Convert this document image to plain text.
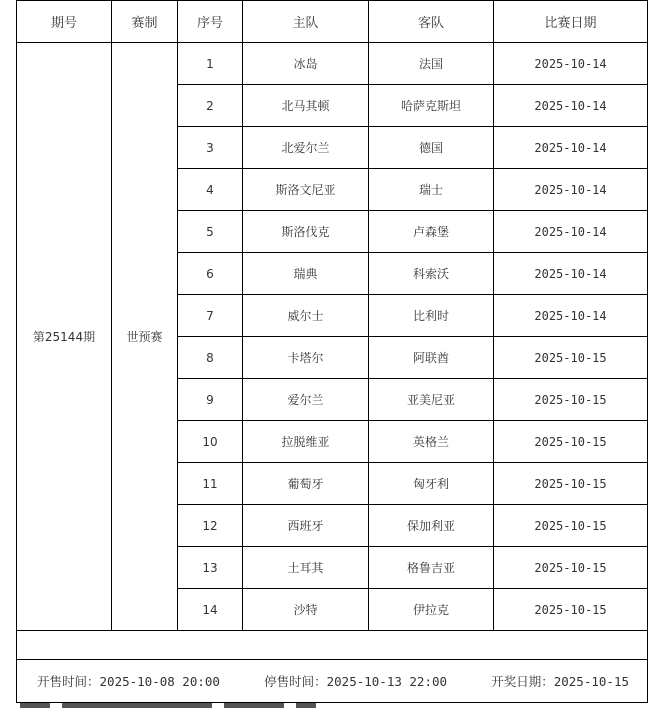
期号	赛制	序号	主队	客队	比赛日期
第25144期	世预赛	1	冰岛	法国	2025-10-14
		2	北马其顿	哈萨克斯坦	2025-10-14
		3	北爱尔兰	德国	2025-10-14
		4	斯洛文尼亚	瑞士	2025-10-14
		5	斯洛伐克	卢森堡	2025-10-14
		6	瑞典	科索沃	2025-10-14
		7	威尔士	比利时	2025-10-14
		8	卡塔尔	阿联酋	2025-10-15
		9	爱尔兰	亚美尼亚	2025-10-15
		10	拉脱维亚	英格兰	2025-10-15
		11	葡萄牙	匈牙利	2025-10-15
		12	西班牙	保加利亚	2025-10-15
		13	土耳其	格鲁吉亚	2025-10-15
		14	沙特	伊拉克	2025-10-15

开售时间：2025-10-08 20:00 停售时间：2025-10-13 22:00 开奖日期：2025-10-15					
